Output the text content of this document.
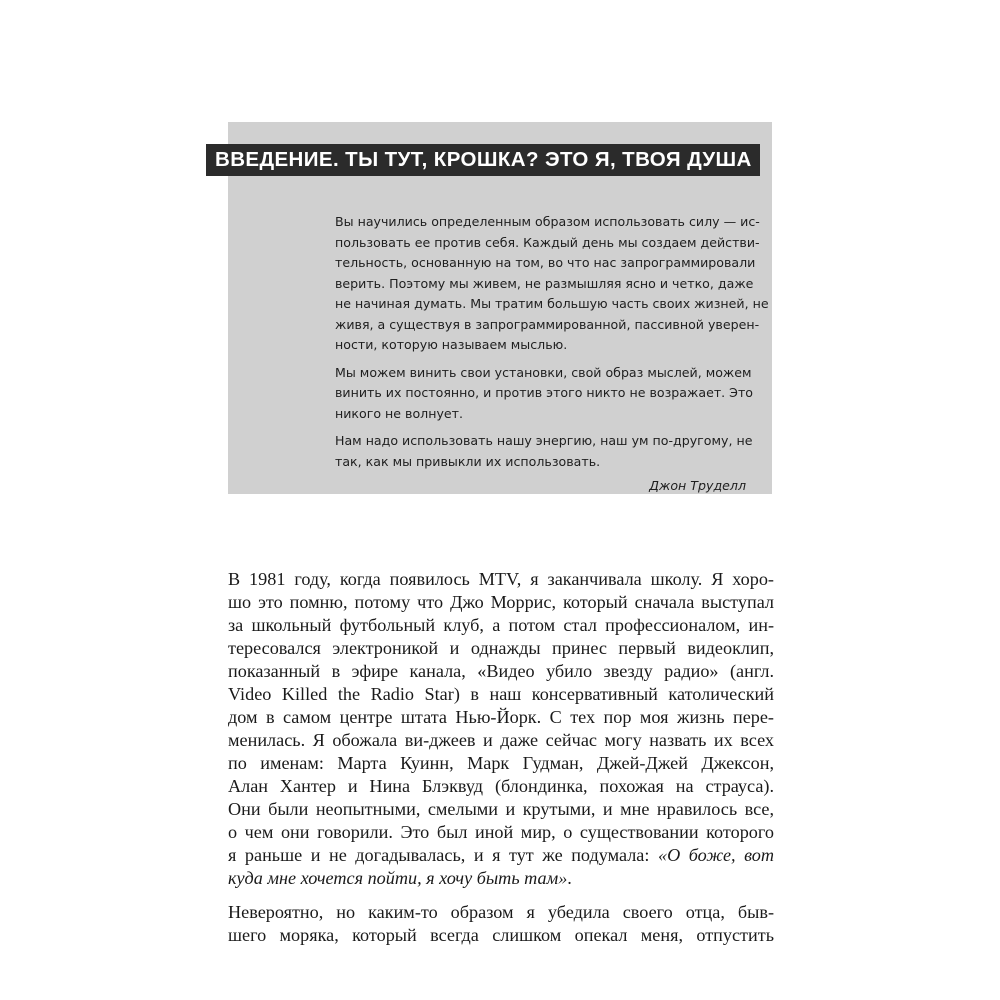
ВВЕДЕНИЕ. ТЫ ТУТ, КРОШКА? ЭТО Я, ТВОЯ ДУША
Вы научились определенным образом использовать силу — ис-
пользовать ее против себя. Каждый день мы создаем действи-
тельность, основанную на том, во что нас запрограммировали
верить. Поэтому мы живем, не размышляя ясно и четко, даже
не начиная думать. Мы тратим большую часть своих жизней, не
живя, а существуя в запрограммированной, пассивной уверен-
ности, которую называем мыслью.
Мы можем винить свои установки, свой образ мыслей, можем
винить их постоянно, и против этого никто не возражает. Это
никого не волнует.
Нам надо использовать нашу энергию, наш ум по-другому, не
так, как мы привыкли их использовать.
Джон Труделл
В 1981 году, когда появилось MTV, я заканчивала школу. Я хоро-
шо это помню, потому что Джо Моррис, который сначала выступал
за школьный футбольный клуб, а потом стал профессионалом, ин-
тересовался электроникой и однажды принес первый видеоклип,
показанный в эфире канала, «Видео убило звезду радио» (англ.
Video Killed the Radio Star) в наш консервативный католический
дом в самом центре штата Нью-Йорк. С тех пор моя жизнь пере-
менилась. Я обожала ви-джеев и даже сейчас могу назвать их всех
по именам: Марта Куинн, Марк Гудман, Джей-Джей Джексон,
Алан Хантер и Нина Блэквуд (блондинка, похожая на страуса).
Они были неопытными, смелыми и крутыми, и мне нравилось все,
о чем они говорили. Это был иной мир, о существовании которого
я раньше и не догадывалась, и я тут же подумала: «О боже, вот
куда мне хочется пойти, я хочу быть там».
Невероятно, но каким-то образом я убедила своего отца, быв-
шего моряка, который всегда слишком опекал меня, отпустить
